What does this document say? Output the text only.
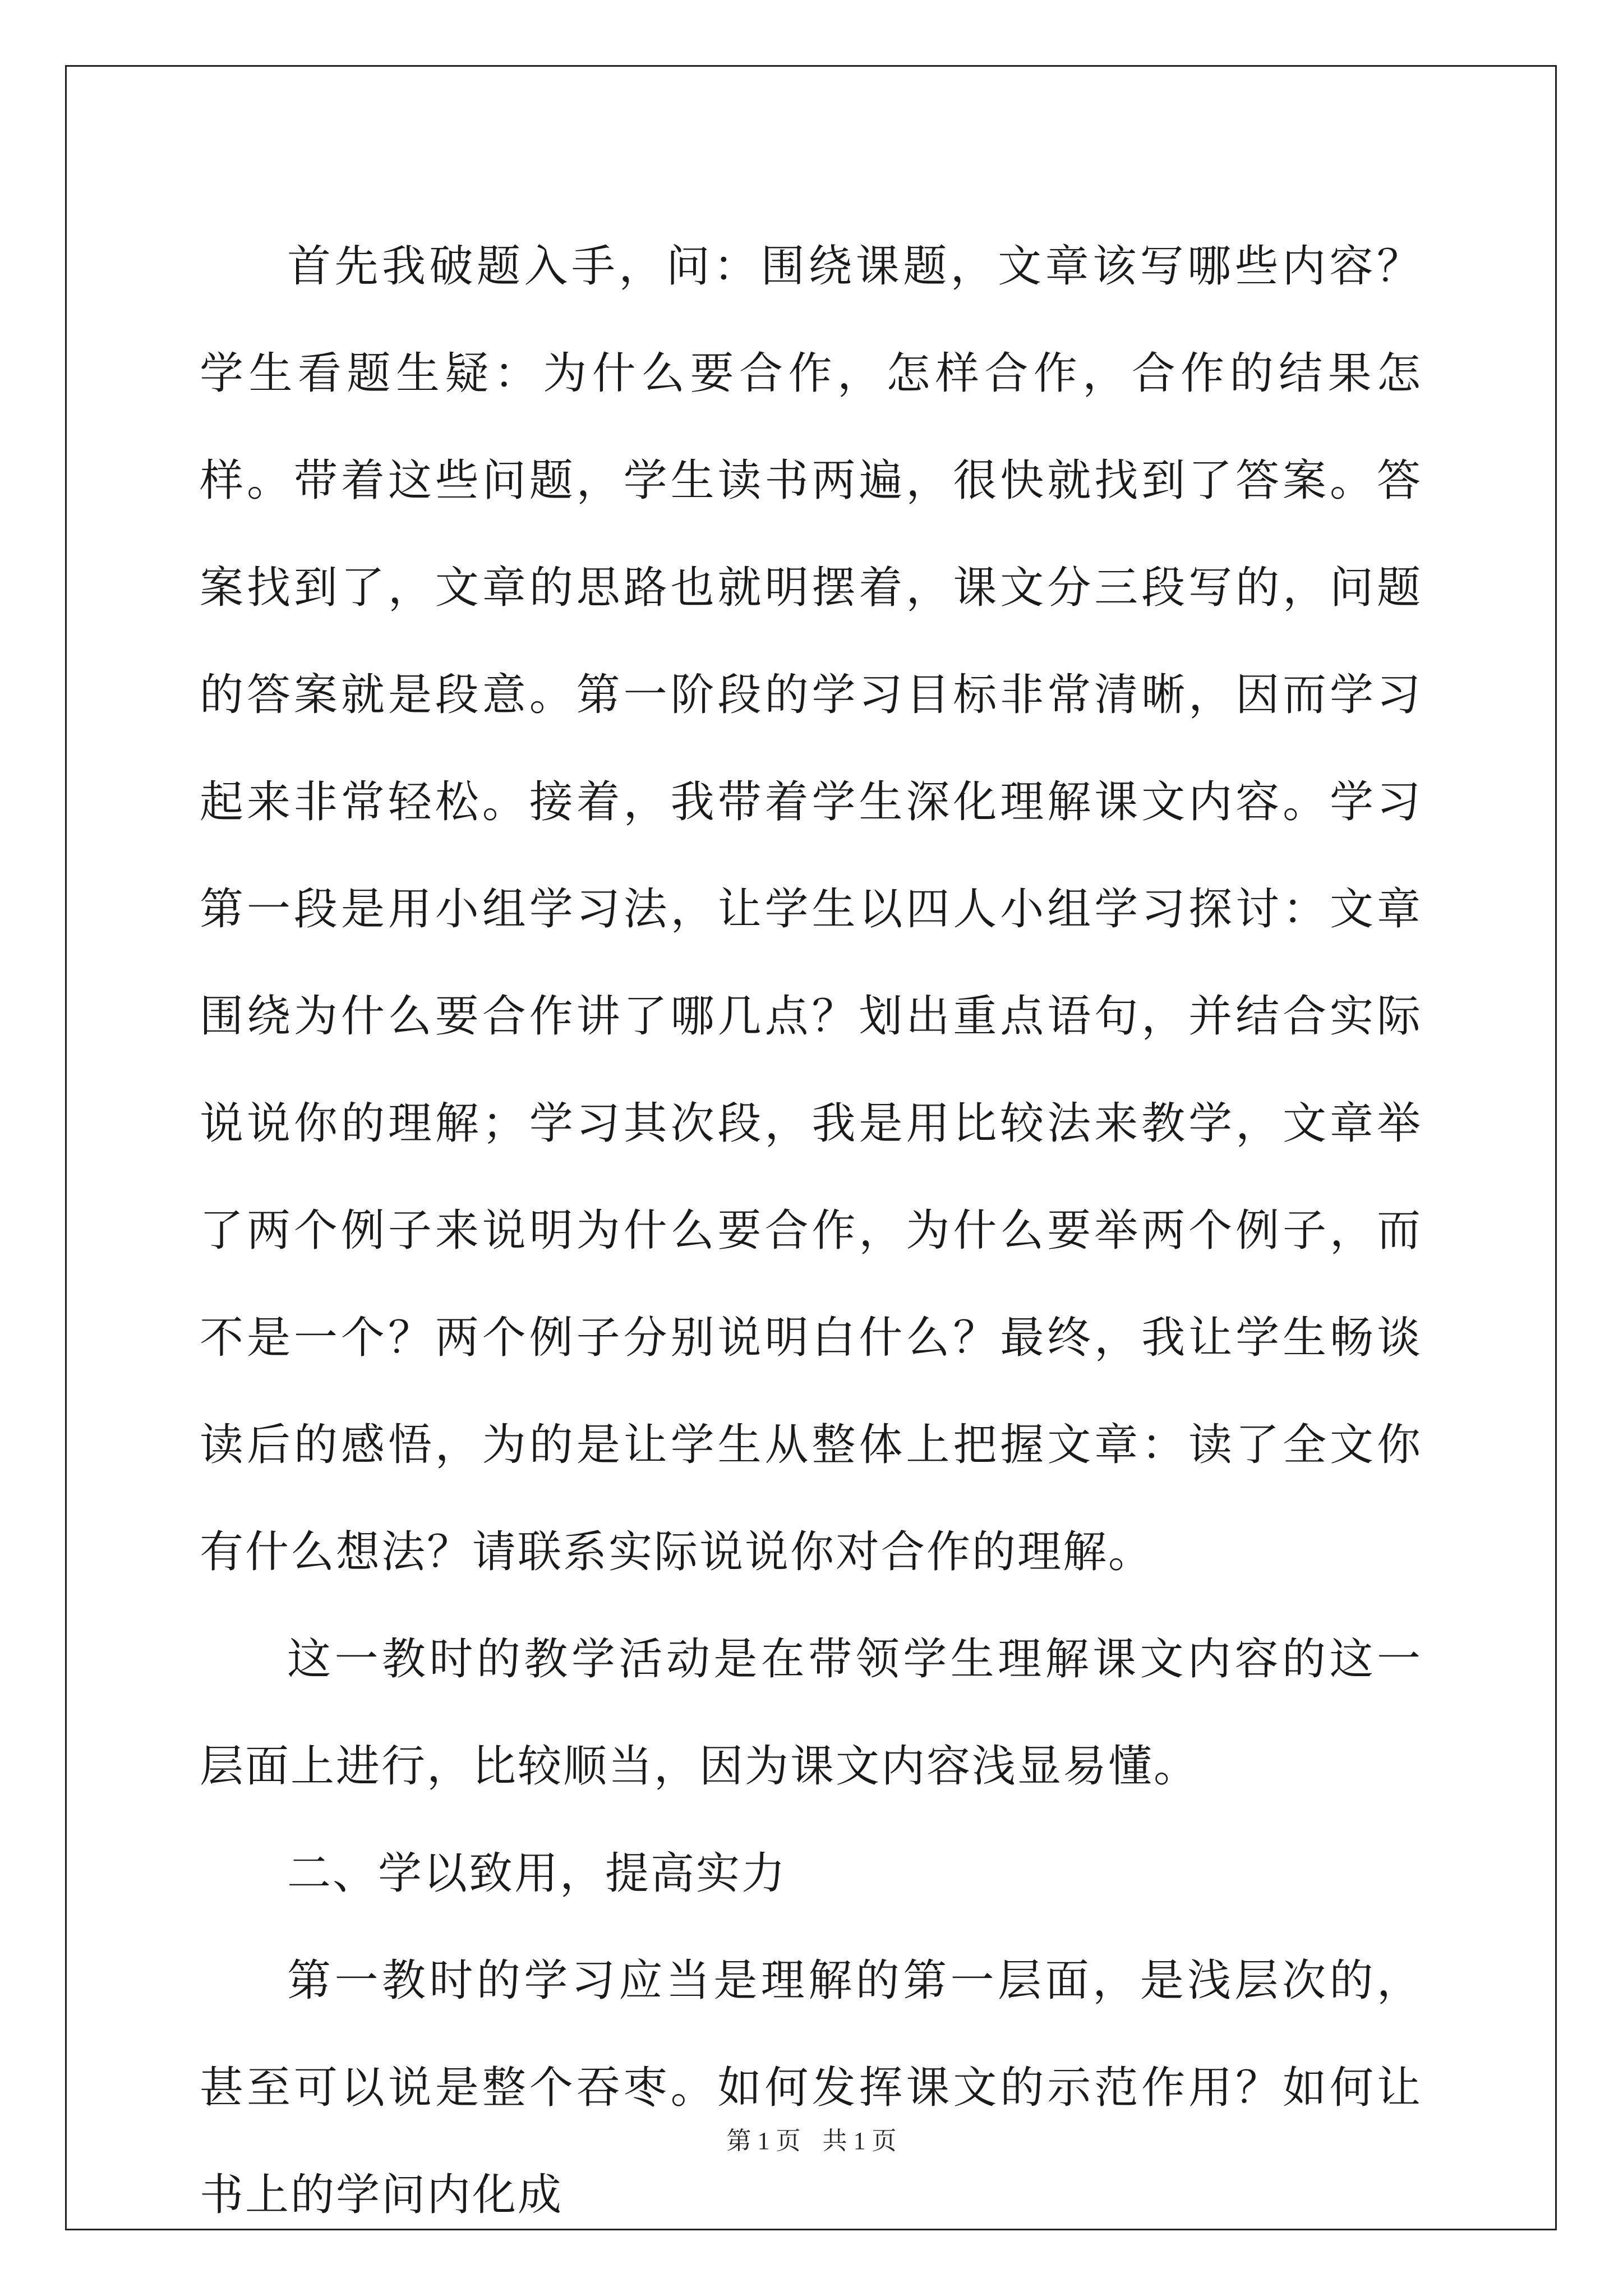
首先我破题入手，问：围绕课题，文章该写哪些内容？学生看题生疑：为什么要合作，怎样合作，合作的结果怎样。带着这些问题，学生读书两遍，很快就找到了答案。答案找到了，文章的思路也就明摆着，课文分三段写的，问题的答案就是段意。第一阶段的学习目标非常清晰，因而学习起来非常轻松。接着，我带着学生深化理解课文内容。学习第一段是用小组学习法，让学生以四人小组学习探讨：文章围绕为什么要合作讲了哪几点？划出重点语句，并结合实际说说你的理解；学习其次段，我是用比较法来教学，文章举了两个例子来说明为什么要合作，为什么要举两个例子，而不是一个？两个例子分别说明白什么？最终，我让学生畅谈读后的感悟，为的是让学生从整体上把握文章：读了全文你有什么想法？请联系实际说说你对合作的理解。

这一教时的教学活动是在带领学生理解课文内容的这一层面上进行，比较顺当，因为课文内容浅显易懂。

二、学以致用，提高实力

第一教时的学习应当是理解的第一层面，是浅层次的，甚至可以说是整个吞枣。如何发挥课文的示范作用？如何让书上的学问内化成

第 1 页 共 1 页
